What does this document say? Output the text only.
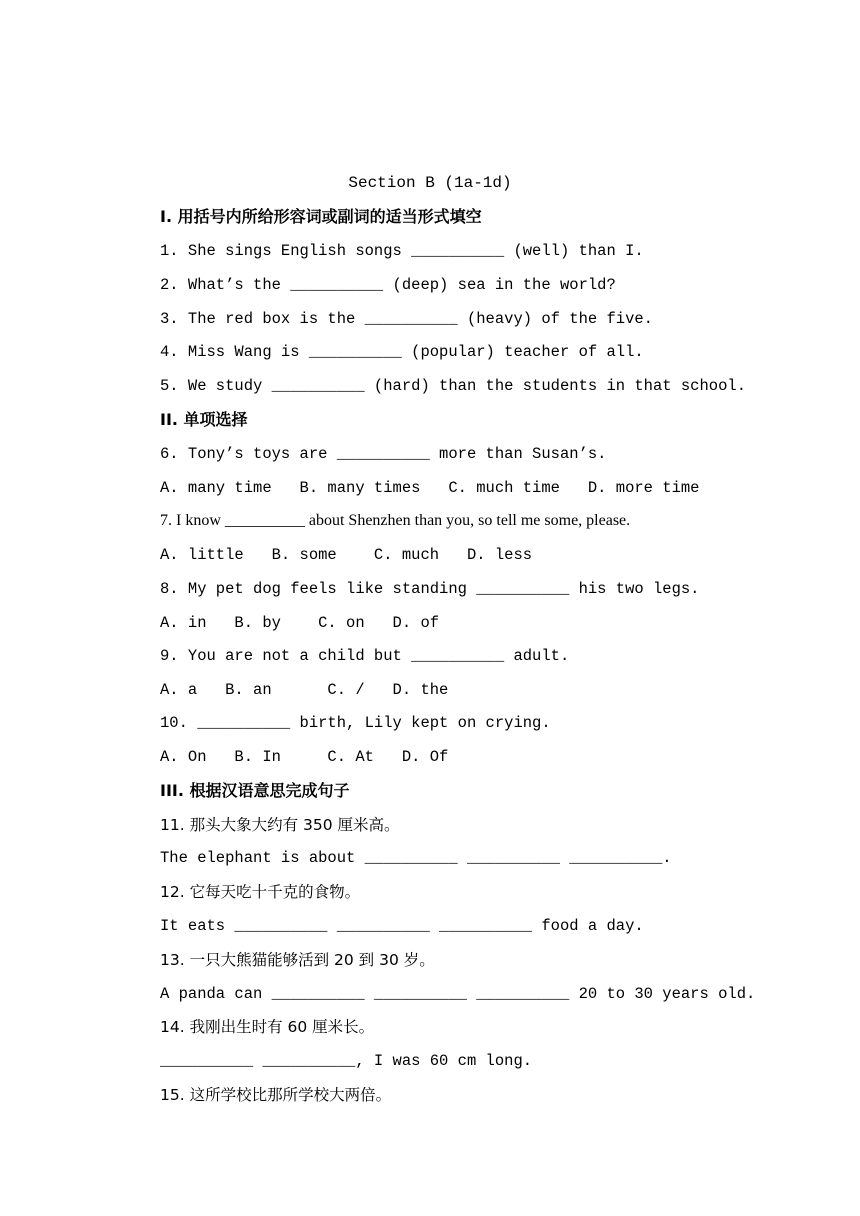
Section B (1a-1d)
I. 用括号内所给形容词或副词的适当形式填空
1. She sings English songs __________ (well) than I.
2. What’s the __________ (deep) sea in the world?
3. The red box is the __________ (heavy) of the five.
4. Miss Wang is __________ (popular) teacher of all.
5. We study __________ (hard) than the students in that school.
II. 单项选择
6. Tony’s toys are __________ more than Susan’s.
A. many time   B. many times   C. much time   D. more time
7. I know __________ about Shenzhen than you, so tell me some, please.
A. little   B. some    C. much   D. less
8. My pet dog feels like standing __________ his two legs.
A. in   B. by    C. on   D. of
9. You are not a child but __________ adult.
A. a   B. an      C. /   D. the
10. __________ birth, Lily kept on crying.
A. On   B. In     C. At   D. Of
III. 根据汉语意思完成句子
11. 那头大象大约有 350 厘米高。
The elephant is about __________ __________ __________.
12. 它每天吃十千克的食物。
It eats __________ __________ __________ food a day.
13. 一只大熊猫能够活到 20 到 30 岁。
A panda can __________ __________ __________ 20 to 30 years old.
14. 我刚出生时有 60 厘米长。
__________ __________, I was 60 cm long.
15. 这所学校比那所学校大两倍。
